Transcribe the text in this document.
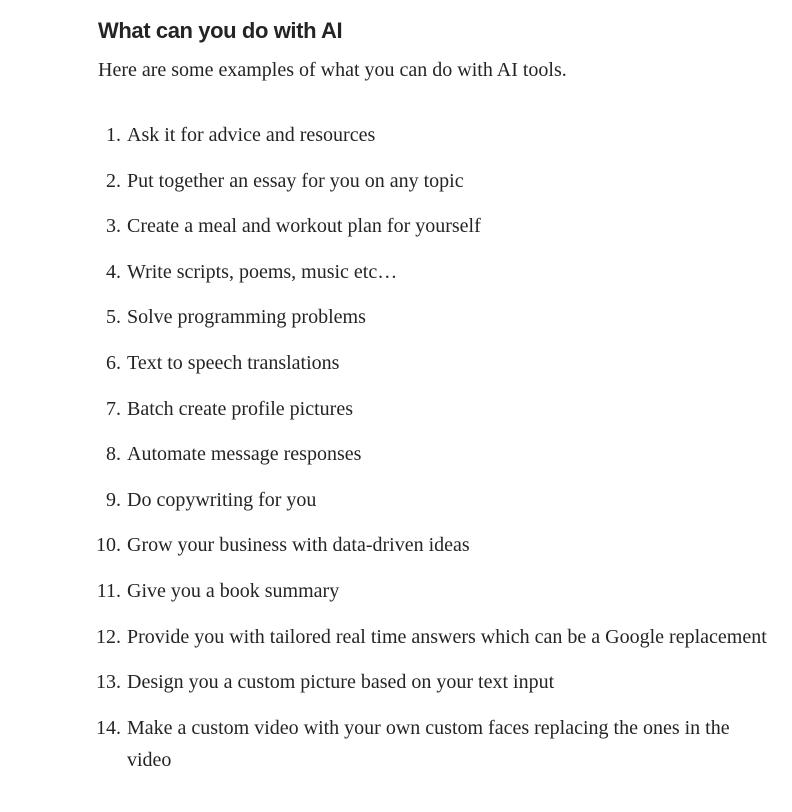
What can you do with AI

Here are some examples of what you can do with AI tools.

1. Ask it for advice and resources
2. Put together an essay for you on any topic
3. Create a meal and workout plan for yourself
4. Write scripts, poems, music etc…
5. Solve programming problems
6. Text to speech translations
7. Batch create profile pictures
8. Automate message responses
9. Do copywriting for you
10. Grow your business with data-driven ideas
11. Give you a book summary
12. Provide you with tailored real time answers which can be a Google replacement
13. Design you a custom picture based on your text input
14. Make a custom video with your own custom faces replacing the ones in the video
